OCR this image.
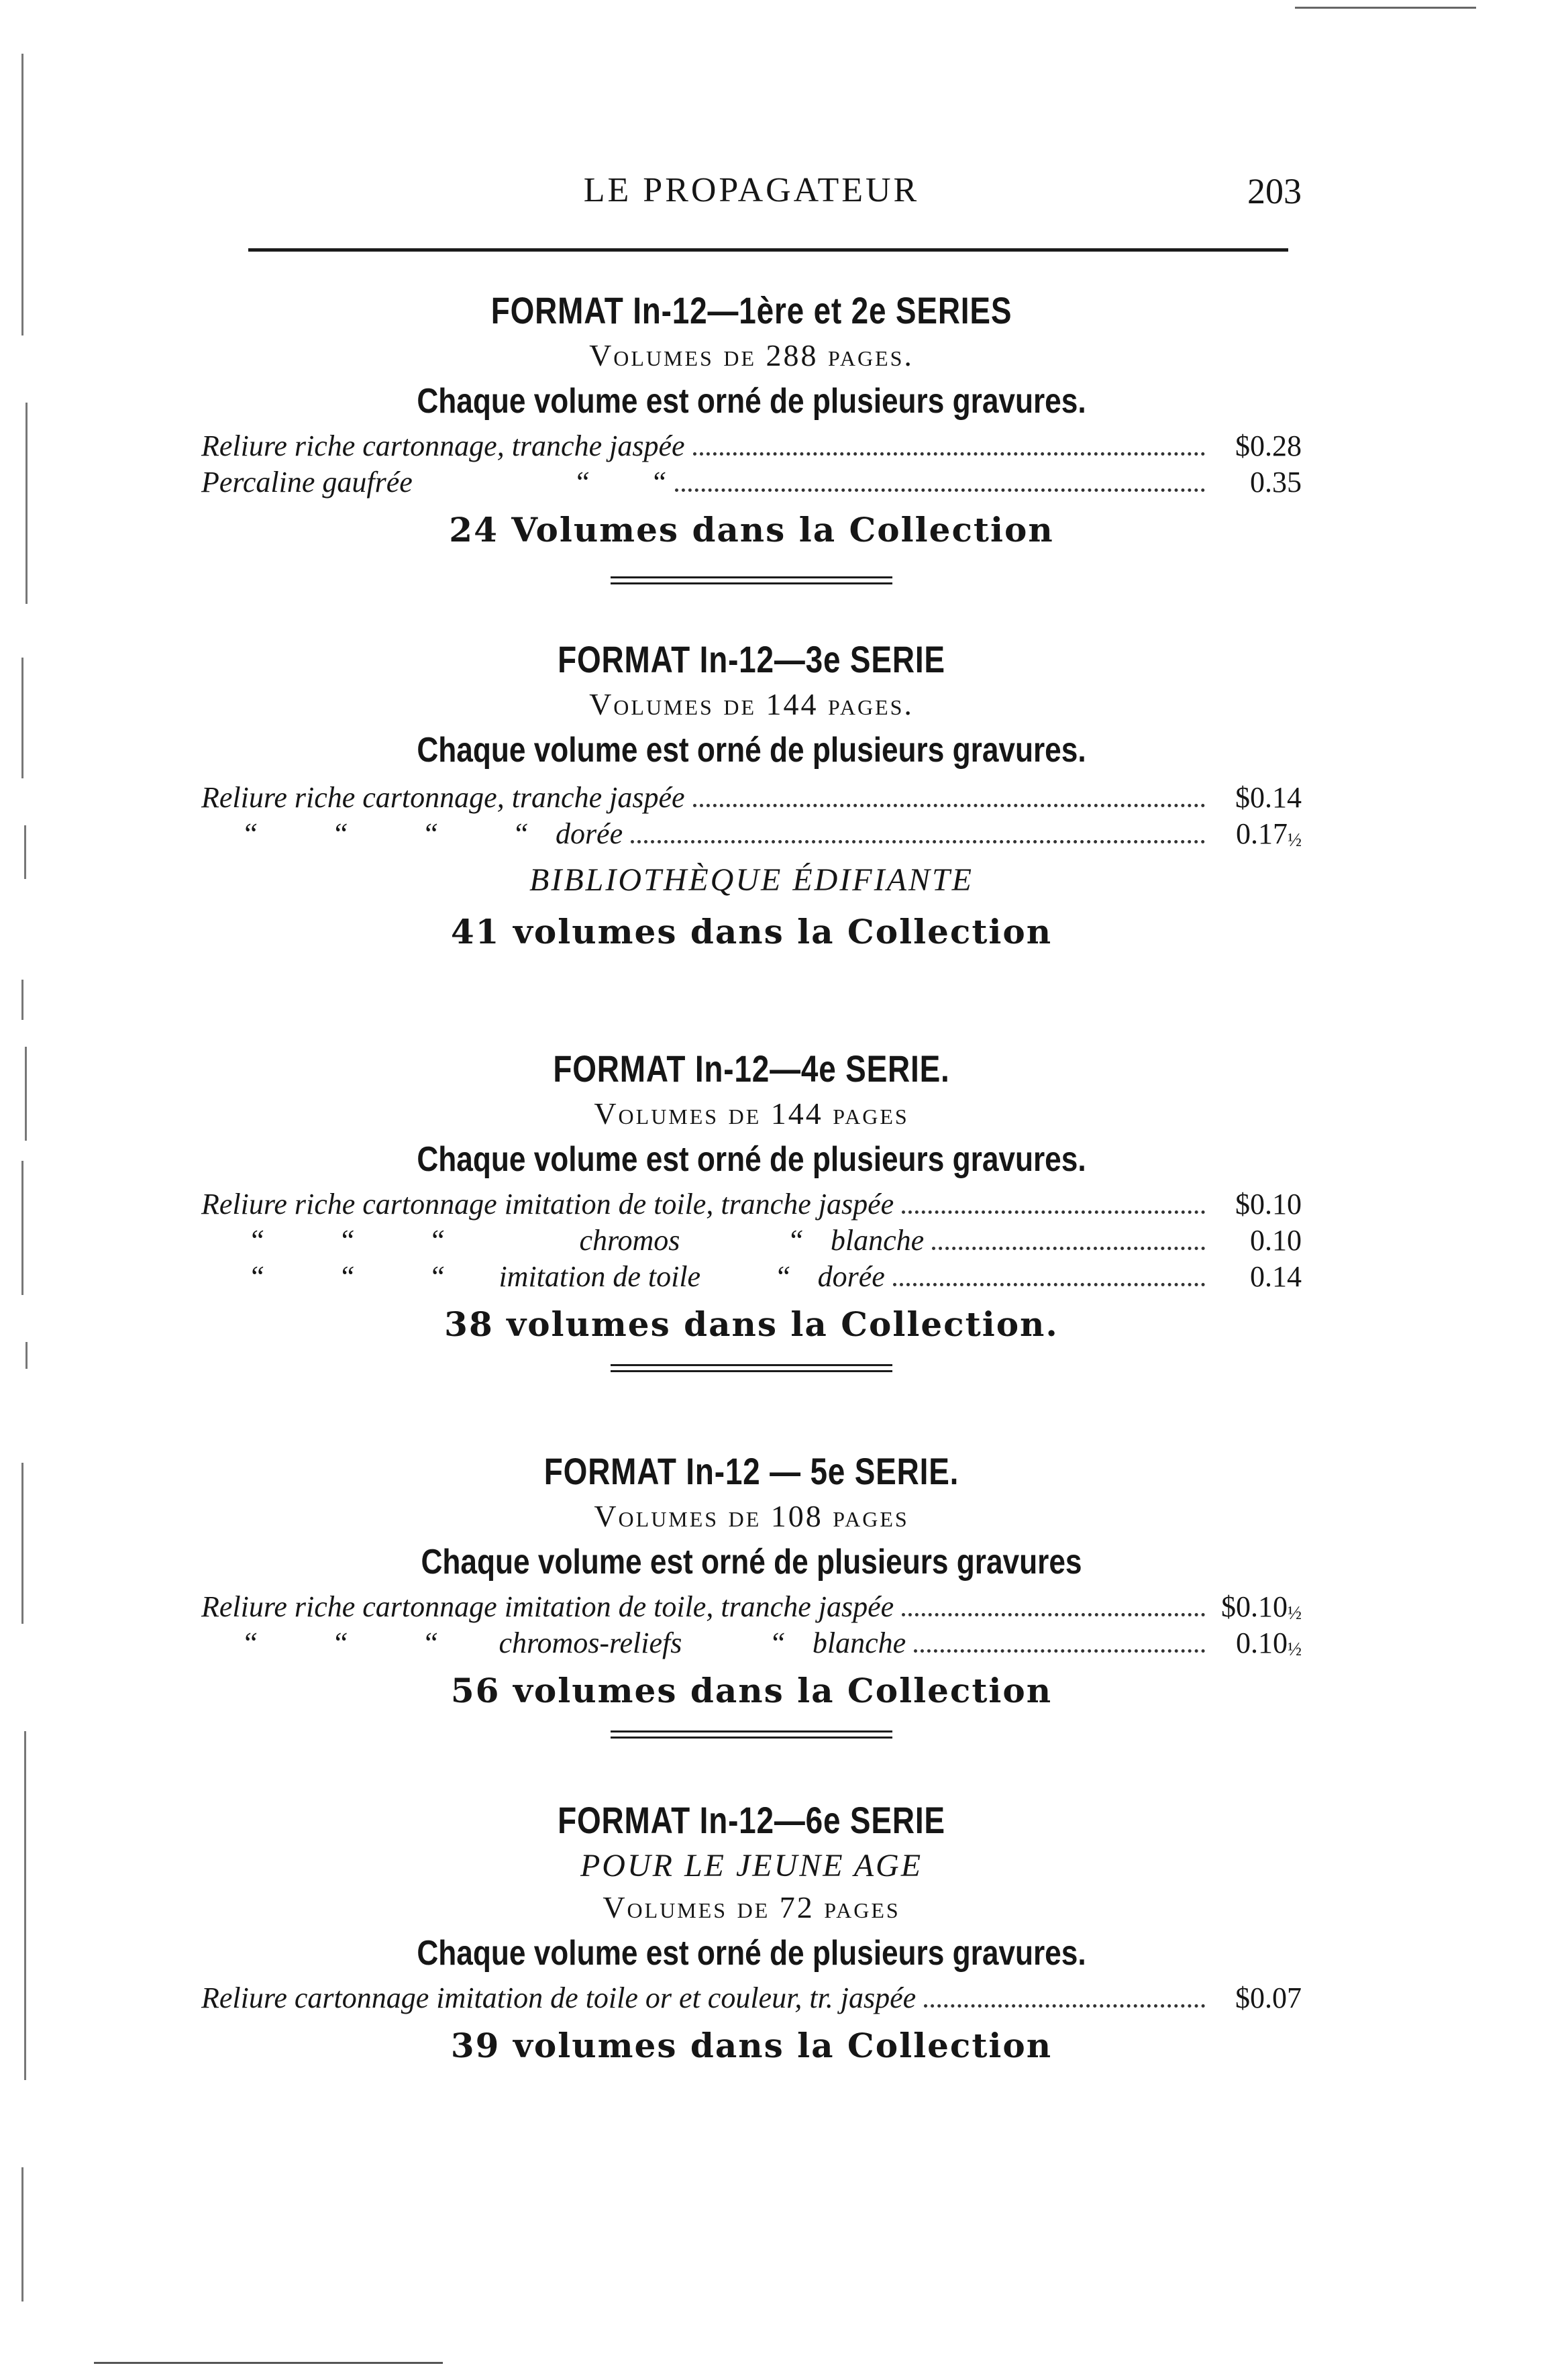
LE PROPAGATEUR	203
FORMAT In-12—1ère et 2e SERIES
Volumes de 288 pages.
Chaque volume est orné de plusieurs gravures.
Reliure riche cartonnage, tranche jaspée	$0.28
Percaline gaufrée	“ “	0.35
24 Volumes dans la Collection
FORMAT In-12—3e SERIE
Volumes de 144 pages.
Chaque volume est orné de plusieurs gravures.
Reliure riche cartonnage, tranche jaspée	$0.14
“	“	“	“ dorée	0.17½
BIBLIOTHÈQUE ÉDIFIANTE
41 volumes dans la Collection
FORMAT In-12—4e SERIE.
Volumes de 144 pages
Chaque volume est orné de plusieurs gravures.
Reliure riche cartonnage imitation de toile, tranche jaspée	$0.10
“	“	“	chromos	“ blanche	0.10
“	“	“ imitation de toile	“ dorée	0.14
38 volumes dans la Collection.
FORMAT In-12 — 5e SERIE.
Volumes de 108 pages
Chaque volume est orné de plusieurs gravures
Reliure riche cartonnage imitation de toile, tranche jaspée	$0.10½
“	“	“ chromos-reliefs	“ blanche	0.10½
56 volumes dans la Collection
FORMAT In-12—6e SERIE
POUR LE JEUNE AGE
Volumes de 72 pages
Chaque volume est orné de plusieurs gravures.
Reliure cartonnage imitation de toile or et couleur, tr. jaspée	$0.07
39 volumes dans la Collection
